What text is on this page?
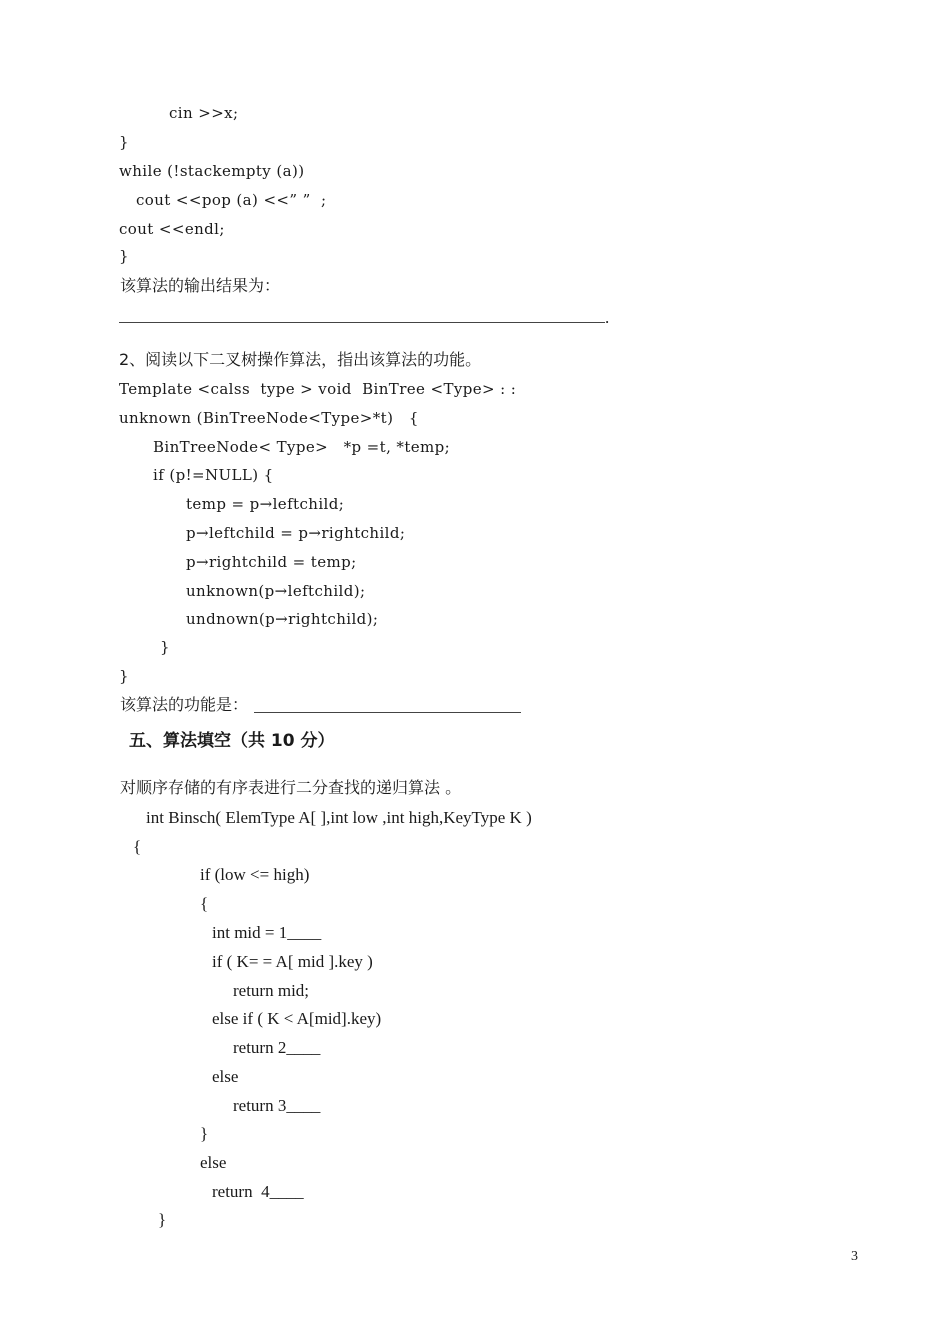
cin >>x;
}
while (!stackempty (a))
cout <<pop (a) <<” ”  ;
cout <<endl;
}
该算法的输出结果为：
.
2、阅读以下二叉树操作算法，指出该算法的功能。
Template <calss  type > void  BinTree <Type> : :
unknown (BinTreeNode<Type>*t)   {
BinTreeNode< Type>   *p =t, *temp;
if (p!=NULL) {
temp = p→leftchild;
p→leftchild = p→rightchild;
p→rightchild = temp;
unknown(p→leftchild);
undnown(p→rightchild);
}
}
该算法的功能是：
五、算法填空（共 10 分）
对顺序存储的有序表进行二分查找的递归算法 。
int Binsch( ElemType A[ ],int low ,int high,KeyType K )
{
if (low <= high)
{
int mid = 1____
if ( K= = A[ mid ].key )
return mid;
else if ( K < A[mid].key)
return 2____
else
return 3____
}
else
return  4____
}
3
